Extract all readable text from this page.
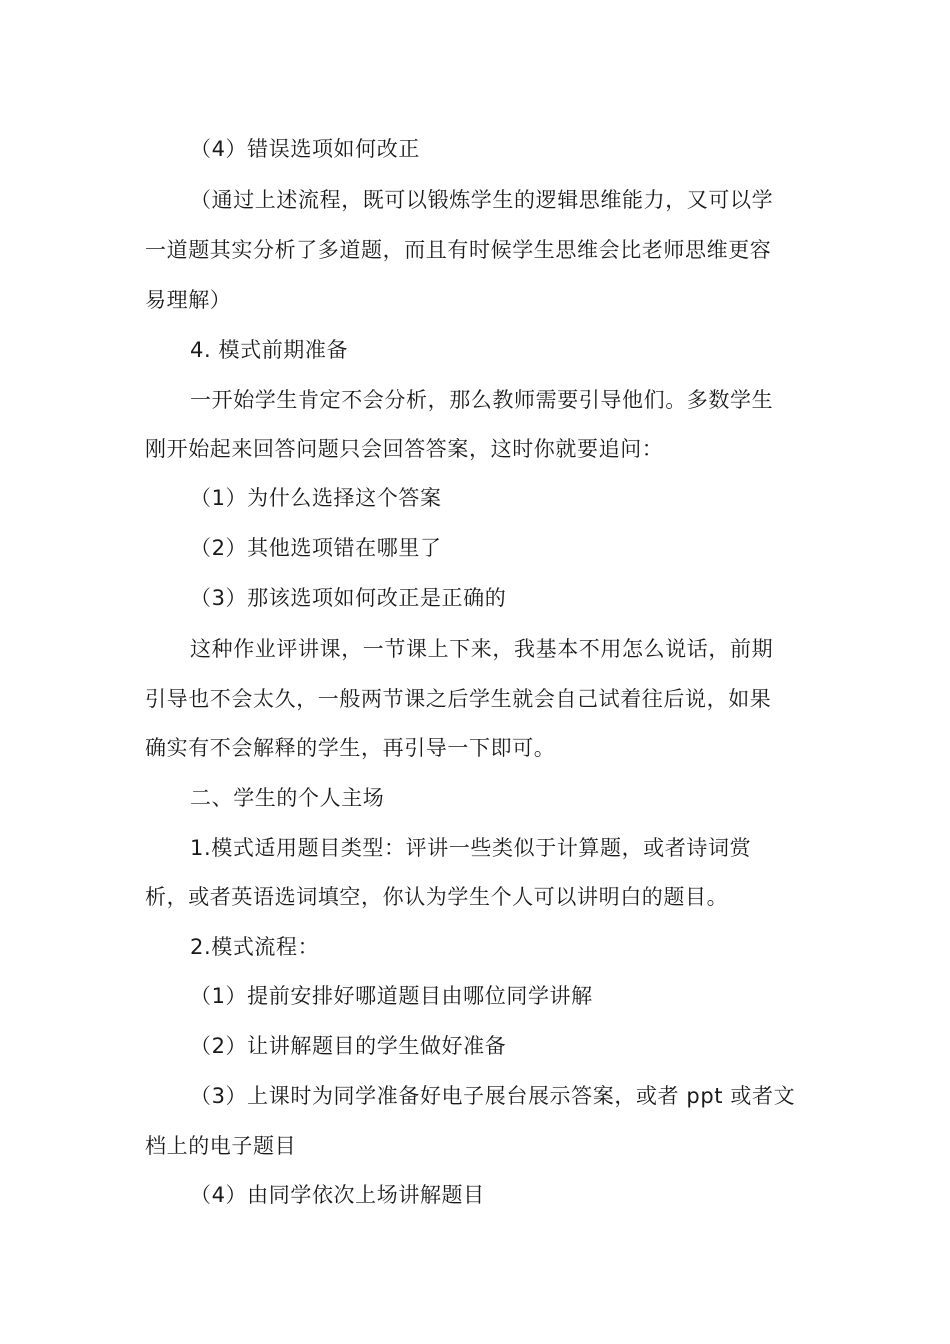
（4）错误选项如何改正
（通过上述流程，既可以锻炼学生的逻辑思维能力，又可以学
一道题其实分析了多道题，而且有时候学生思维会比老师思维更容
易理解）
4. 模式前期准备
一开始学生肯定不会分析，那么教师需要引导他们。多数学生
刚开始起来回答问题只会回答答案，这时你就要追问：
（1）为什么选择这个答案
（2）其他选项错在哪里了
（3）那该选项如何改正是正确的
这种作业评讲课，一节课上下来，我基本不用怎么说话，前期
引导也不会太久，一般两节课之后学生就会自己试着往后说，如果
确实有不会解释的学生，再引导一下即可。
二、学生的个人主场
1.模式适用题目类型：评讲一些类似于计算题，或者诗词赏
析，或者英语选词填空，你认为学生个人可以讲明白的题目。
2.模式流程：
（1）提前安排好哪道题目由哪位同学讲解
（2）让讲解题目的学生做好准备
（3）上课时为同学准备好电子展台展示答案，或者 ppt 或者文
档上的电子题目
（4）由同学依次上场讲解题目
